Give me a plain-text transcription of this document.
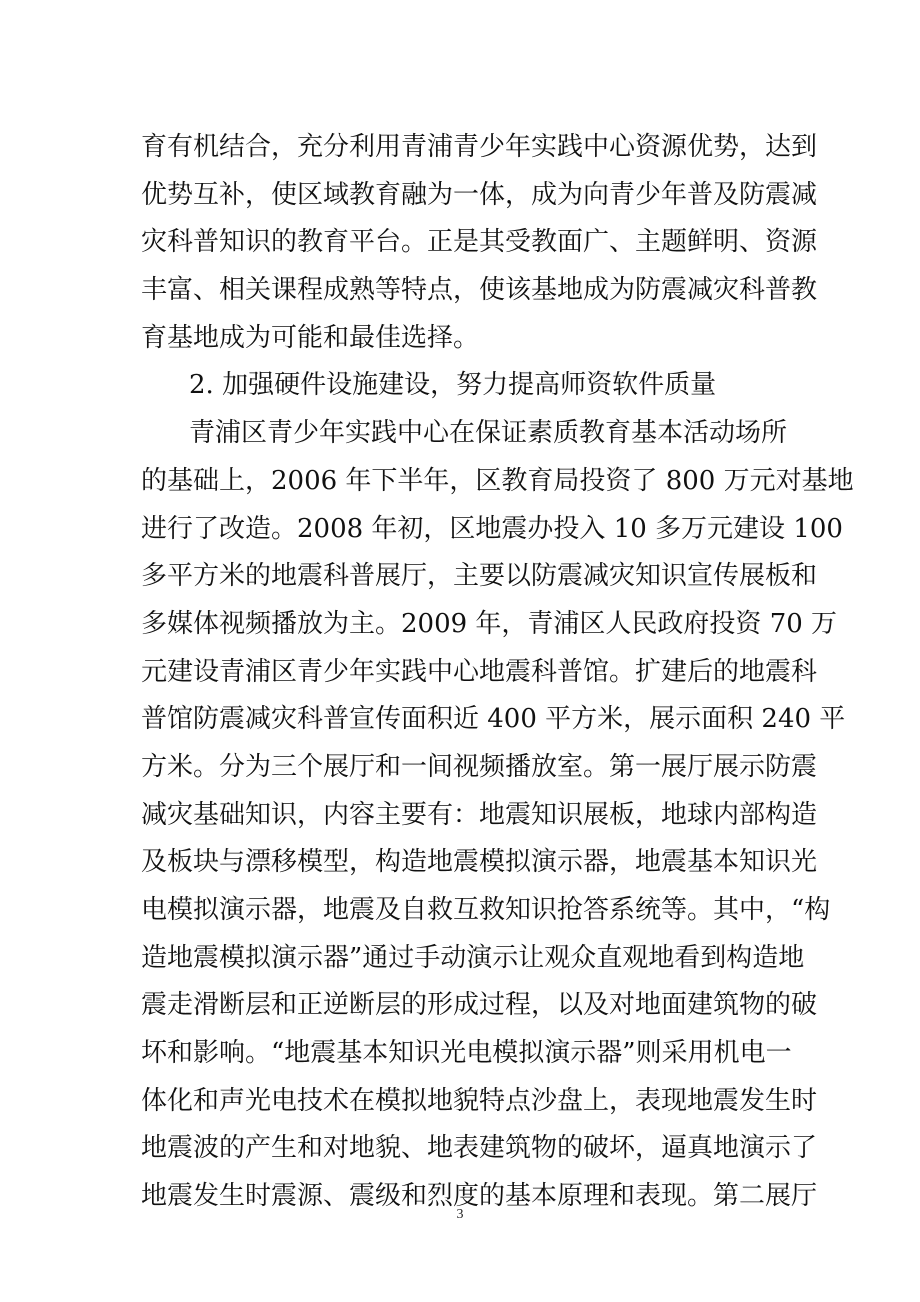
育有机结合，充分利用青浦青少年实践中心资源优势，达到
优势互补，使区域教育融为一体，成为向青少年普及防震减
灾科普知识的教育平台。正是其受教面广、主题鲜明、资源
丰富、相关课程成熟等特点，使该基地成为防震减灾科普教
育基地成为可能和最佳选择。
2. 加强硬件设施建设，努力提高师资软件质量
青浦区青少年实践中心在保证素质教育基本活动场所
的基础上，2006 年下半年，区教育局投资了 800 万元对基地
进行了改造。2008 年初，区地震办投入 10 多万元建设 100
多平方米的地震科普展厅，主要以防震减灾知识宣传展板和
多媒体视频播放为主。2009 年，青浦区人民政府投资 70 万
元建设青浦区青少年实践中心地震科普馆。扩建后的地震科
普馆防震减灾科普宣传面积近 400 平方米，展示面积 240 平
方米。分为三个展厅和一间视频播放室。第一展厅展示防震
减灾基础知识，内容主要有：地震知识展板，地球内部构造
及板块与漂移模型，构造地震模拟演示器，地震基本知识光
电模拟演示器，地震及自救互救知识抢答系统等。其中，“构
造地震模拟演示器”通过手动演示让观众直观地看到构造地
震走滑断层和正逆断层的形成过程，以及对地面建筑物的破
坏和影响。“地震基本知识光电模拟演示器”则采用机电一
体化和声光电技术在模拟地貌特点沙盘上，表现地震发生时
地震波的产生和对地貌、地表建筑物的破坏，逼真地演示了
地震发生时震源、震级和烈度的基本原理和表现。第二展厅
3
